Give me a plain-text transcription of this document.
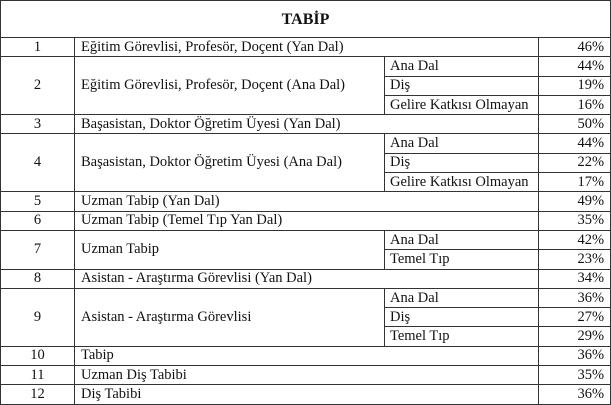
TABİP			
1	Eğitim Görevlisi, Profesör, Doçent (Yan Dal)		46%
2	Eğitim Görevlisi, Profesör, Doçent (Ana Dal)	Ana Dal	44%
		Diş	19%
		Gelire Katkısı Olmayan	16%
3	Başasistan, Doktor Öğretim Üyesi (Yan Dal)		50%
4	Başasistan, Doktor Öğretim Üyesi (Ana Dal)	Ana Dal	44%
		Diş	22%
		Gelire Katkısı Olmayan	17%
5	Uzman Tabip (Yan Dal)		49%
6	Uzman Tabip (Temel Tıp Yan Dal)		35%
7	Uzman Tabip	Ana Dal	42%
		Temel Tıp	23%
8	Asistan - Araştırma Görevlisi (Yan Dal)		34%
9	Asistan - Araştırma Görevlisi	Ana Dal	36%
		Diş	27%
		Temel Tıp	29%
10	Tabip		36%
11	Uzman Diş Tabibi		35%
12	Diş Tabibi		36%
